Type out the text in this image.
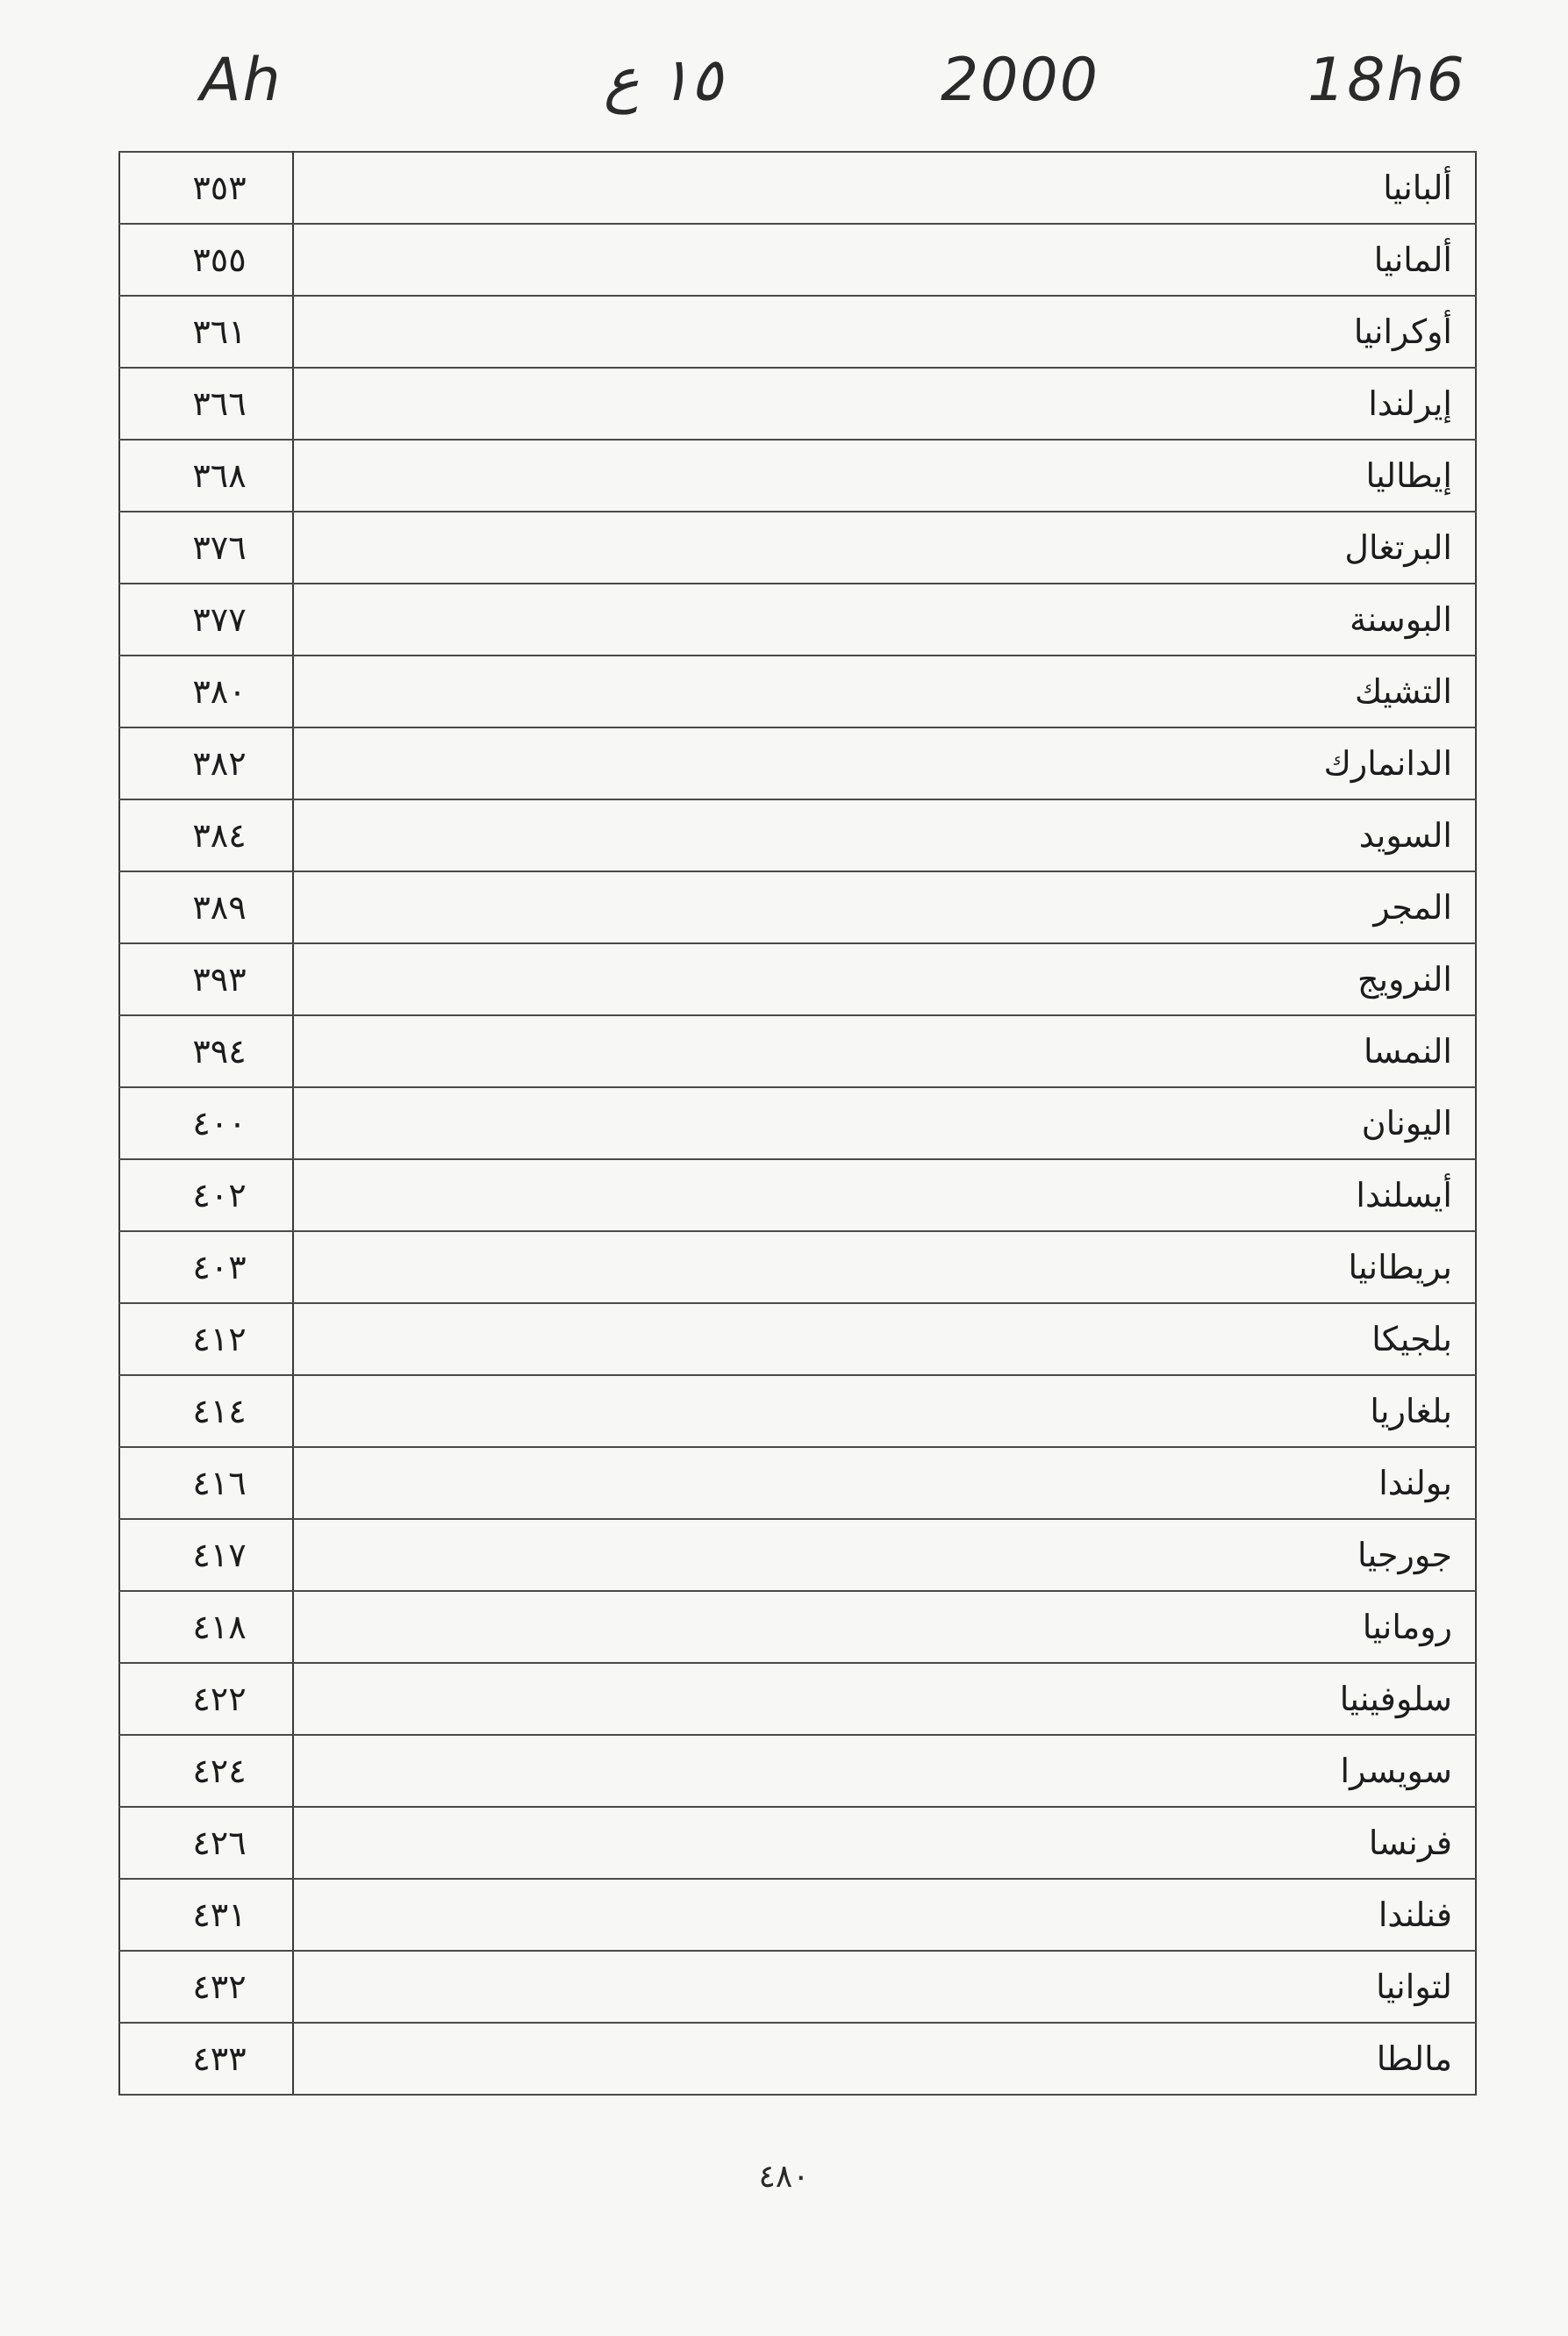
Ah	١٥ ع	2000	18h6
٣٥٣	ألبانيا
٣٥٥	ألمانيا
٣٦١	أوكرانيا
٣٦٦	إيرلندا
٣٦٨	إيطاليا
٣٧٦	البرتغال
٣٧٧	البوسنة
٣٨٠	التشيك
٣٨٢	الدانمارك
٣٨٤	السويد
٣٨٩	المجر
٣٩٣	النرويج
٣٩٤	النمسا
٤٠٠	اليونان
٤٠٢	أيسلندا
٤٠٣	بريطانيا
٤١٢	بلجيكا
٤١٤	بلغاريا
٤١٦	بولندا
٤١٧	جورجيا
٤١٨	رومانيا
٤٢٢	سلوفينيا
٤٢٤	سويسرا
٤٢٦	فرنسا
٤٣١	فنلندا
٤٣٢	لتوانيا
٤٣٣	مالطا
٤٨٠
